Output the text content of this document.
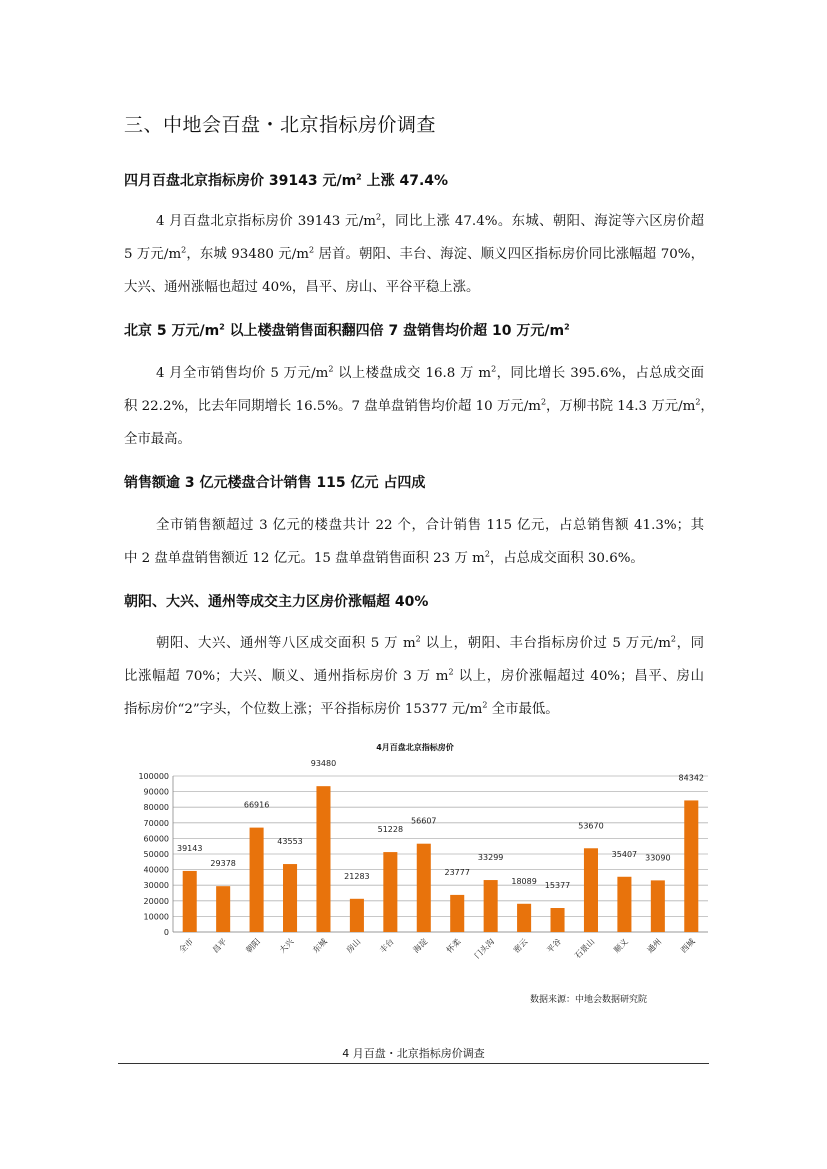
三、中地会百盘・北京指标房价调查
四月百盘北京指标房价 39143 元$/m^2$ 上涨 47.4%
4 月百盘北京指标房价 39143 元$/m^2$，同比上涨 47.4%。东城、朝阳、海淀等六区房价超
5 万元$/m^2$，东城 93480 元$/m^2$ 居首。朝阳、丰台、海淀、顺义四区指标房价同比涨幅超 70%，
大兴、通州涨幅也超过 40%，昌平、房山、平谷平稳上涨。
北京 5 万元$/m^2$ 以上楼盘销售面积翻四倍 7 盘销售均价超 10 万元$/m^2$
4 月全市销售均价 5 万元$/m^2$ 以上楼盘成交 16.8 万 $m^2$，同比增长 395.6%，占总成交面
积 22.2%，比去年同期增长 16.5%。7 盘单盘销售均价超 10 万元$/m^2$，万柳书院 14.3 万元$/m^2$，
全市最高。
销售额逾 3 亿元楼盘合计销售 115 亿元 占四成
全市销售额超过 3 亿元的楼盘共计 22 个，合计销售 115 亿元，占总销售额 41.3%；其
中 2 盘单盘销售额近 12 亿元。15 盘单盘销售面积 23 万 $m^2$，占总成交面积 30.6%。
朝阳、大兴、通州等成交主力区房价涨幅超 40%
朝阳、大兴、通州等八区成交面积 5 万 $m^2$ 以上，朝阳、丰台指标房价过 5 万元$/m^2$，同
比涨幅超 70%；大兴、顺义、通州指标房价 3 万 $m^2$ 以上，房价涨幅超过 40%；昌平、房山
指标房价“2”字头，个位数上涨；平谷指标房价 15377 元$/m^2$ 全市最低。
4月百盘北京指标房价
0
10000
20000
30000
40000
50000
60000
70000
80000
90000
100000
39143
全市
29378
昌平
66916
朝阳
43553
大兴
93480
东城
21283
房山
51228
丰台
56607
海淀
23777
怀柔
33299
门头沟
18089
密云
15377
平谷
53670
石景山
35407
顺义
33090
通州
84342
西城
数据来源：中地会数据研究院
4 月百盘・北京指标房价调查
